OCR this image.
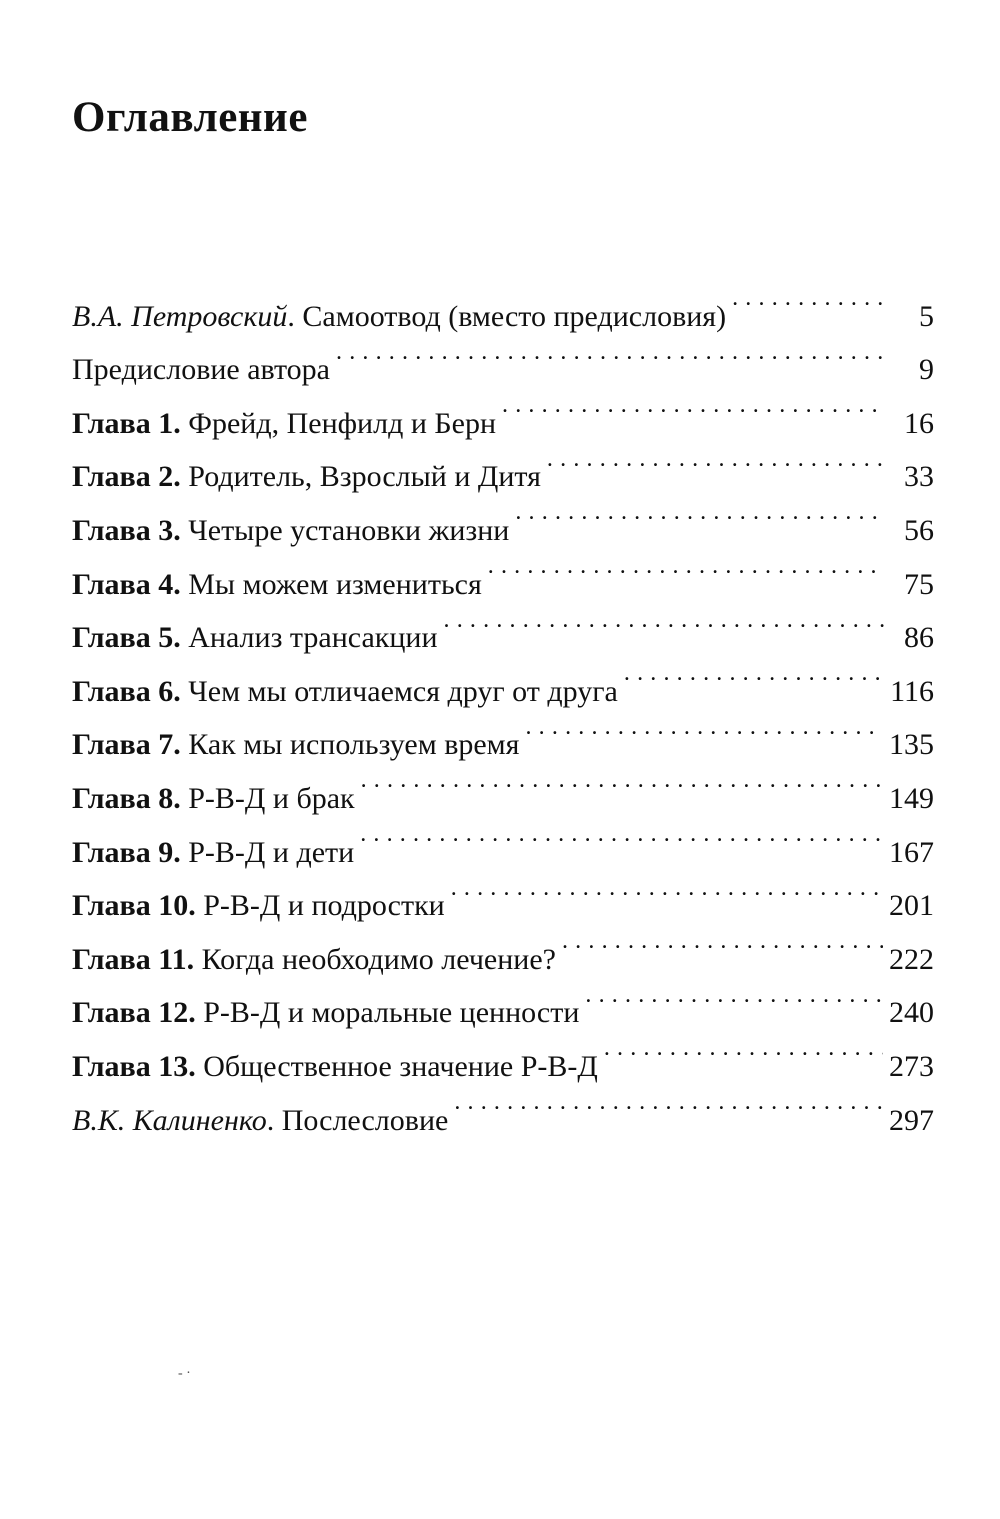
Оглавление
В.А. Петровский. Самоотвод (вместо предисловия) . . .	5
Предисловие автора . . .	9
Глава 1. Фрейд, Пенфилд и Берн . . .	16
Глава 2. Родитель, Взрослый и Дитя . . .	33
Глава 3. Четыре установки жизни . . .	56
Глава 4. Мы можем измениться . . .	75
Глава 5. Анализ трансакции . . .	86
Глава 6. Чем мы отличаемся друг от друга . . .	116
Глава 7. Как мы используем время . . .	135
Глава 8. Р-В-Д и брак . . .	149
Глава 9. Р-В-Д и дети . . .	167
Глава 10. Р-В-Д и подростки . . .	201
Глава 11. Когда необходимо лечение? . . .	222
Глава 12. Р-В-Д и моральные ценности . . .	240
Глава 13. Общественное значение Р-В-Д . . .	273
В.К. Калиненко. Послесловие . . .	297
‐ ·
